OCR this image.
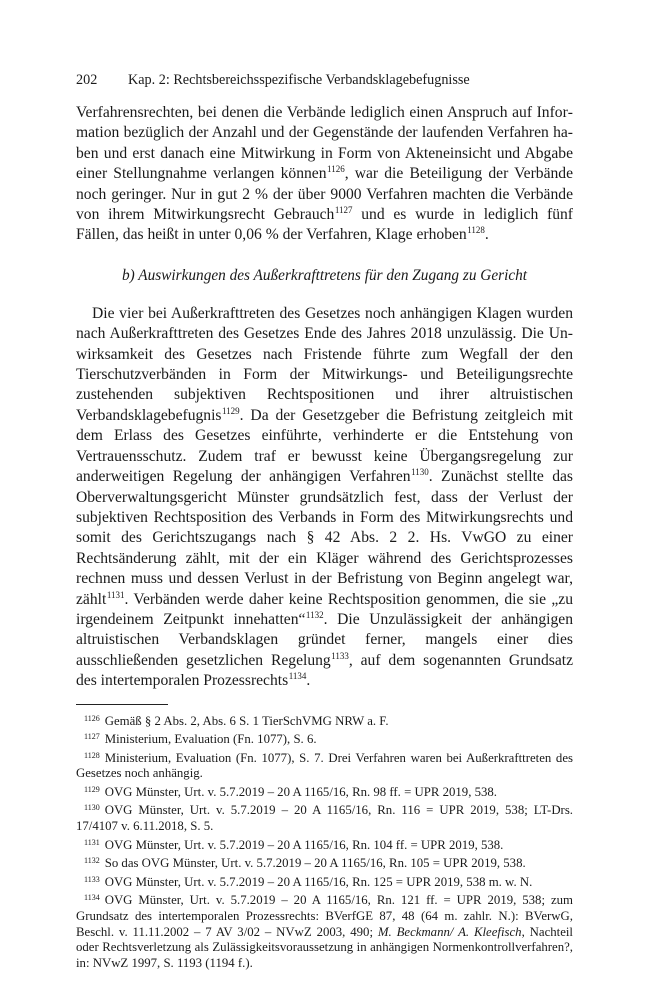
202	Kap. 2: Rechtsbereichsspezifische Verbandsklagebefugnisse

Verfahrensrechten, bei denen die Verbände lediglich einen Anspruch auf Information bezüglich der Anzahl und der Gegenstände der laufenden Verfahren haben und erst danach eine Mitwirkung in Form von Akteneinsicht und Abgabe einer Stellungnahme verlangen können$^{1126}$, war die Beteiligung der Verbände noch geringer. Nur in gut 2 % der über 9000 Verfahren machten die Verbände von ihrem Mitwirkungsrecht Gebrauch$^{1127}$ und es wurde in lediglich fünf Fällen, das heißt in unter 0,06 % der Verfahren, Klage erhoben$^{1128}$.

b) Auswirkungen des Außerkrafttretens für den Zugang zu Gericht

Die vier bei Außerkrafttreten des Gesetzes noch anhängigen Klagen wurden nach Außerkrafttreten des Gesetzes Ende des Jahres 2018 unzulässig. Die Unwirksamkeit des Gesetzes nach Fristende führte zum Wegfall der den Tierschutzverbänden in Form der Mitwirkungs- und Beteiligungsrechte zustehenden subjektiven Rechtspositionen und ihrer altruistischen Verbandsklagebefugnis$^{1129}$. Da der Gesetzgeber die Befristung zeitgleich mit dem Erlass des Gesetzes einführte, verhinderte er die Entstehung von Vertrauensschutz. Zudem traf er bewusst keine Übergangsregelung zur anderweitigen Regelung der anhängigen Verfahren$^{1130}$. Zunächst stellte das Oberverwaltungsgericht Münster grundsätzlich fest, dass der Verlust der subjektiven Rechtsposition des Verbands in Form des Mitwirkungsrechts und somit des Gerichtszugangs nach § 42 Abs. 2 2. Hs. VwGO zu einer Rechtsänderung zählt, mit der ein Kläger während des Gerichtsprozesses rechnen muss und dessen Verlust in der Befristung von Beginn angelegt war, zählt$^{1131}$. Verbänden werde daher keine Rechtsposition genommen, die sie „zu irgendeinem Zeitpunkt innehatten“$^{1132}$. Die Unzulässigkeit der anhängigen altruistischen Verbandsklagen gründet ferner, mangels einer dies ausschließenden gesetzlichen Regelung$^{1133}$, auf dem sogenannten Grundsatz des intertemporalen Prozessrechts$^{1134}$.

$^{1126}$ Gemäß § 2 Abs. 2, Abs. 6 S. 1 TierSchVMG NRW a. F.

$^{1127}$ Ministerium, Evaluation (Fn. 1077), S. 6.

$^{1128}$ Ministerium, Evaluation (Fn. 1077), S. 7. Drei Verfahren waren bei Außerkrafttreten des Gesetzes noch anhängig.

$^{1129}$ OVG Münster, Urt. v. 5.7.2019 – 20 A 1165/16, Rn. 98 ff. = UPR 2019, 538.

$^{1130}$ OVG Münster, Urt. v. 5.7.2019 – 20 A 1165/16, Rn. 116 = UPR 2019, 538; LT-Drs. 17/4107 v. 6.11.2018, S. 5.

$^{1131}$ OVG Münster, Urt. v. 5.7.2019 – 20 A 1165/16, Rn. 104 ff. = UPR 2019, 538.

$^{1132}$ So das OVG Münster, Urt. v. 5.7.2019 – 20 A 1165/16, Rn. 105 = UPR 2019, 538.

$^{1133}$ OVG Münster, Urt. v. 5.7.2019 – 20 A 1165/16, Rn. 125 = UPR 2019, 538 m. w. N.

$^{1134}$ OVG Münster, Urt. v. 5.7.2019 – 20 A 1165/16, Rn. 121 ff. = UPR 2019, 538; zum Grundsatz des intertemporalen Prozessrechts: BVerfGE 87, 48 (64 m. zahlr. N.): BVerwG, Beschl. v. 11.11.2002 – 7 AV 3/02 – NVwZ 2003, 490; M. Beckmann/ A. Kleefisch, Nachteil oder Rechtsverletzung als Zulässigkeitsvoraussetzung in anhängigen Normenkontrollverfahren?, in: NVwZ 1997, S. 1193 (1194 f.).
